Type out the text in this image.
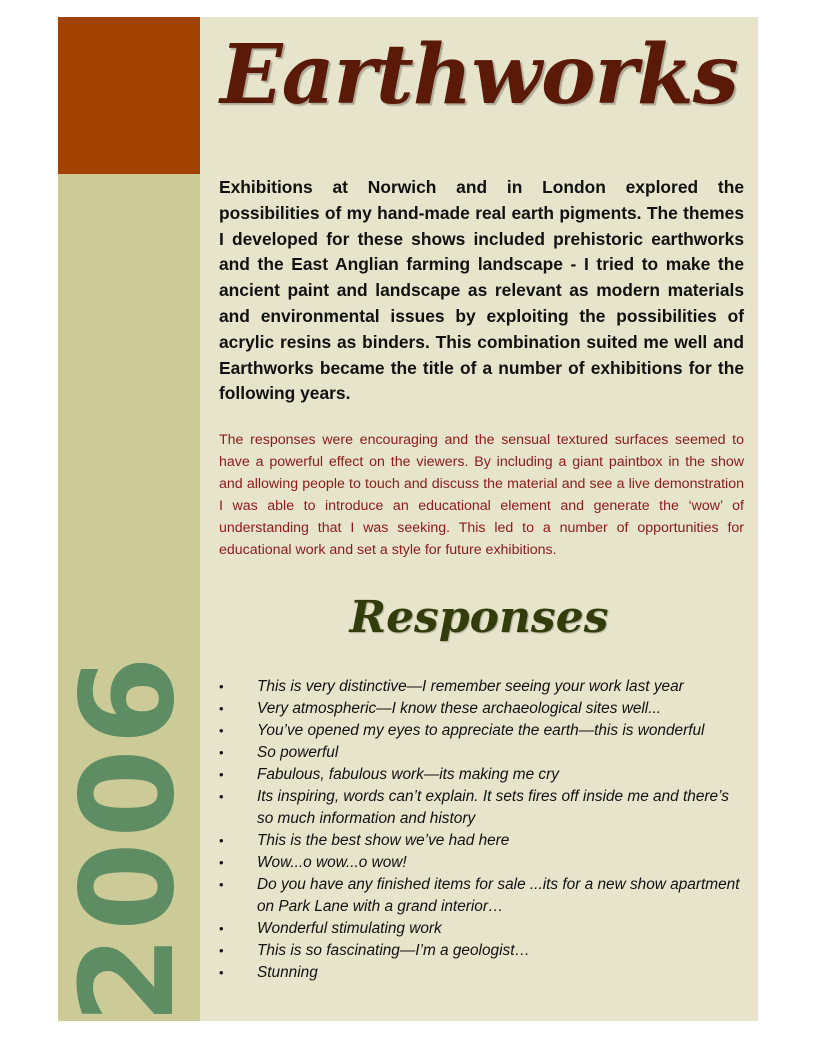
2006
Earthworks

Exhibitions at Norwich and in London explored the possibilities of my hand-made real earth pigments. The themes I developed for these shows included prehistoric earthworks and the East Anglian farming landscape - I tried to make the ancient paint and landscape as relevant as modern materials and environmental issues by exploiting the possibilities of acrylic resins as binders. This combination suited me well and Earthworks became the title of a number of exhibitions for the following years.

The responses were encouraging and the sensual textured surfaces seemed to have a powerful effect on the viewers. By including a giant paintbox in the show and allowing people to touch and discuss the material and see a live demonstration I was able to introduce an educational element and generate the ‘wow’ of understanding that I was seeking. This led to a number of opportunities for educational work and set a style for future exhibitions.

Responses
• This is very distinctive—I remember seeing your work last year
• Very atmospheric—I know these archaeological sites well...
• You’ve opened my eyes to appreciate the earth—this is wonderful
• So powerful
• Fabulous, fabulous work—its making me cry
• Its inspiring, words can’t explain. It sets fires off inside me and there’s so much information and history
• This is the best show we’ve had here
• Wow...o wow...o wow!
• Do you have any finished items for sale ...its for a new show apartment on Park Lane with a grand interior…
• Wonderful stimulating work
• This is so fascinating—I’m a geologist…
• Stunning
